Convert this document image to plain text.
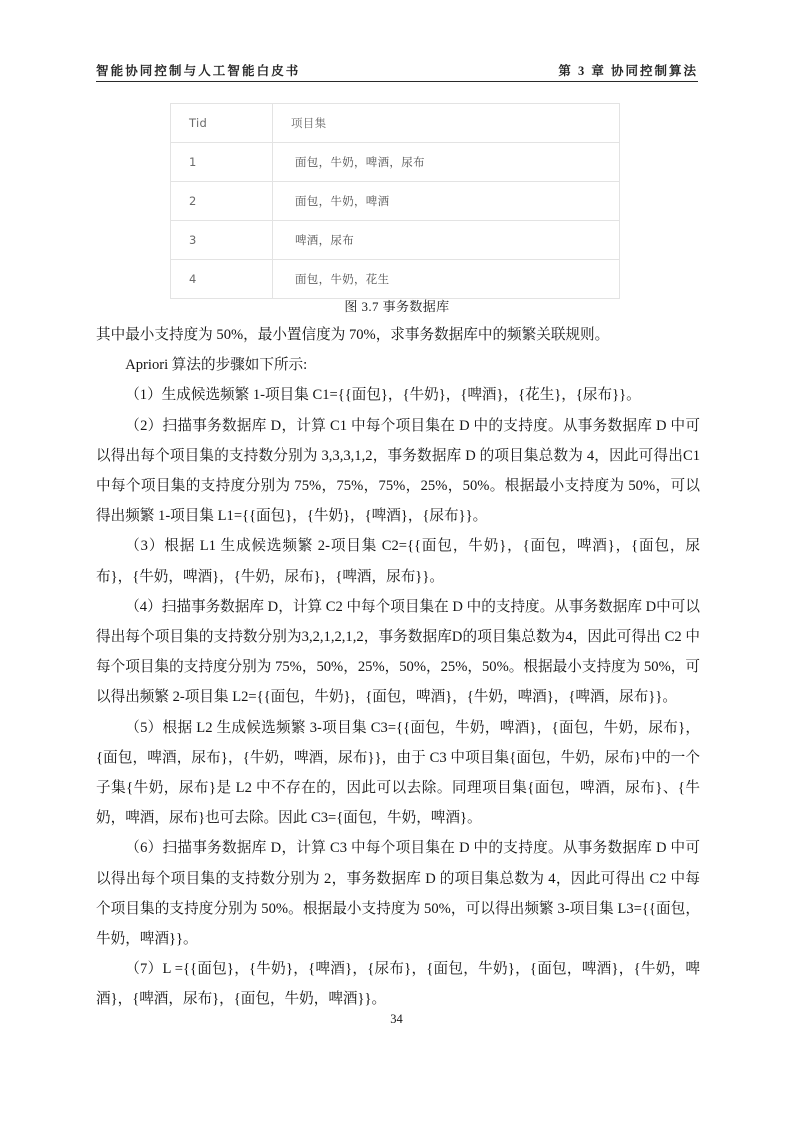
智能协同控制与人工智能白皮书	第 3 章 协同控制算法
Tid	项目集
1	面包，牛奶，啤酒，尿布
2	面包，牛奶，啤酒
3	啤酒，尿布
4	面包，牛奶，花生
图 3.7 事务数据库

其中最小支持度为 50%，最小置信度为 70%，求事务数据库中的频繁关联规则。

Apriori 算法的步骤如下所示:

（1）生成候选频繁 1-项目集 C1={{面包}，{牛奶}，{啤酒}，{花生}，{尿布}}。

（2）扫描事务数据库 D，计算 C1 中每个项目集在 D 中的支持度。从事务数据库 D 中可以得出每个项目集的支持数分别为 3,3,3,1,2，事务数据库 D 的项目集总数为 4，因此可得出C1中每个项目集的支持度分别为 75%，75%，75%，25%，50%。根据最小支持度为 50%，可以得出频繁 1-项目集 L1={{面包}，{牛奶}，{啤酒}，{尿布}}。

（3）根据 L1 生成候选频繁 2-项目集 C2={{面包，牛奶}，{面包，啤酒}，{面包，尿布}，{牛奶，啤酒}，{牛奶，尿布}，{啤酒，尿布}}。

（4）扫描事务数据库 D，计算 C2 中每个项目集在 D 中的支持度。从事务数据库 D中可以得出每个项目集的支持数分别为3,2,1,2,1,2，事务数据库D的项目集总数为4，因此可得出 C2 中每个项目集的支持度分别为 75%，50%，25%，50%，25%，50%。根据最小支持度为 50%，可以得出频繁 2-项目集 L2={{面包，牛奶}，{面包，啤酒}，{牛奶，啤酒}，{啤酒，尿布}}。

（5）根据 L2 生成候选频繁 3-项目集 C3={{面包，牛奶，啤酒}，{面包，牛奶，尿布}，{面包，啤酒，尿布}，{牛奶，啤酒，尿布}}，由于 C3 中项目集{面包，牛奶，尿布}中的一个子集{牛奶，尿布}是 L2 中不存在的，因此可以去除。同理项目集{面包，啤酒，尿布}、{牛奶，啤酒，尿布}也可去除。因此 C3={面包，牛奶，啤酒}。

（6）扫描事务数据库 D，计算 C3 中每个项目集在 D 中的支持度。从事务数据库 D 中可以得出每个项目集的支持数分别为 2，事务数据库 D 的项目集总数为 4，因此可得出 C2 中每个项目集的支持度分别为 50%。根据最小支持度为 50%，可以得出频繁 3-项目集 L3={{面包，牛奶，啤酒}}。

（7）L ={{面包}，{牛奶}，{啤酒}，{尿布}，{面包，牛奶}，{面包，啤酒}，{牛奶，啤酒}，{啤酒，尿布}，{面包，牛奶，啤酒}}。

34
